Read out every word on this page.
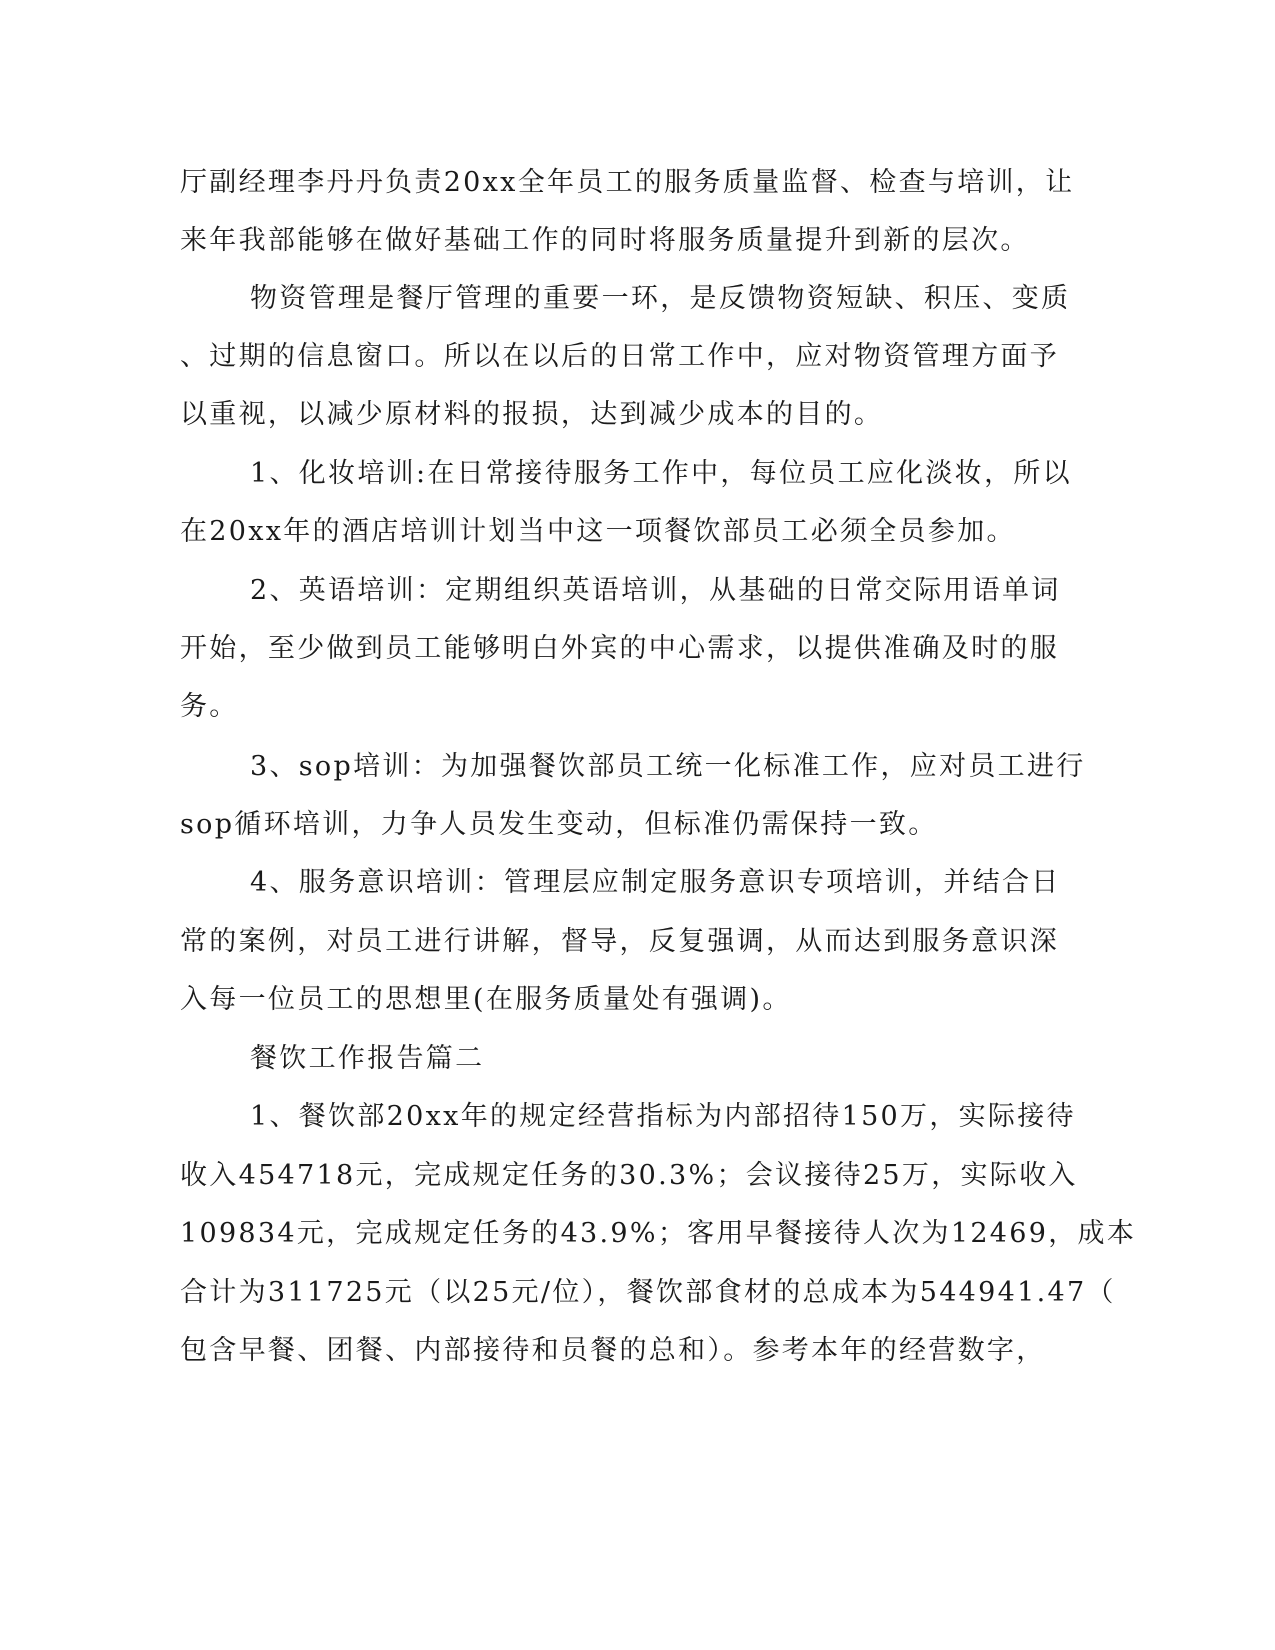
厅副经理李丹丹负责20xx全年员工的服务质量监督、检查与培训，让
来年我部能够在做好基础工作的同时将服务质量提升到新的层次。
物资管理是餐厅管理的重要一环，是反馈物资短缺、积压、变质
、过期的信息窗口。所以在以后的日常工作中，应对物资管理方面予
以重视，以减少原材料的报损，达到减少成本的目的。
1、化妆培训:在日常接待服务工作中，每位员工应化淡妆，所以
在20xx年的酒店培训计划当中这一项餐饮部员工必须全员参加。
2、英语培训：定期组织英语培训，从基础的日常交际用语单词
开始，至少做到员工能够明白外宾的中心需求，以提供准确及时的服
务。
3、sop培训：为加强餐饮部员工统一化标准工作，应对员工进行
sop循环培训，力争人员发生变动，但标准仍需保持一致。
4、服务意识培训：管理层应制定服务意识专项培训，并结合日
常的案例，对员工进行讲解，督导，反复强调，从而达到服务意识深
入每一位员工的思想里(在服务质量处有强调)。
餐饮工作报告篇二
1、餐饮部20xx年的规定经营指标为内部招待150万，实际接待
收入454718元，完成规定任务的30.3%；会议接待25万，实际收入
109834元，完成规定任务的43.9%；客用早餐接待人次为12469，成本
合计为311725元（以25元/位），餐饮部食材的总成本为544941.47（
包含早餐、团餐、内部接待和员餐的总和）。参考本年的经营数字，
